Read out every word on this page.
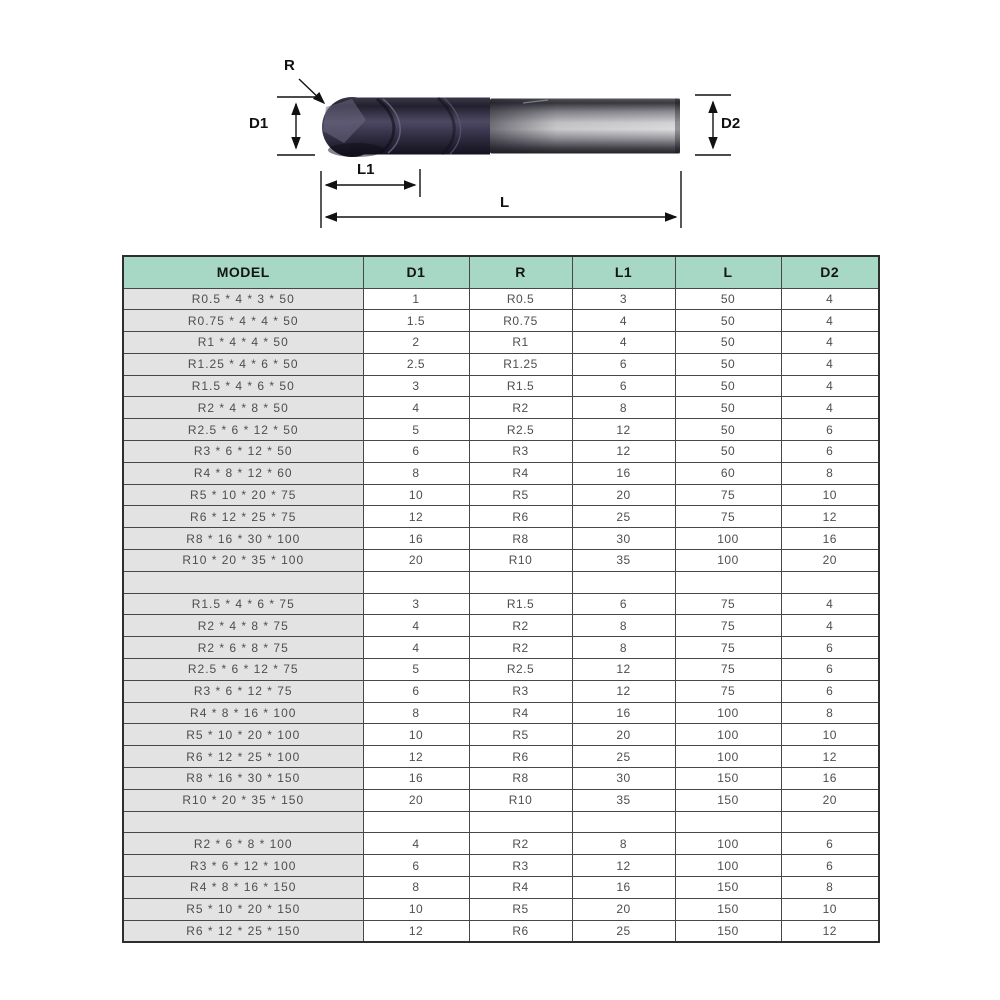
R
D1	D2
L1
L
MODEL	D1	R	L1	L	D2
R0.5 * 4 * 3 * 50	1	R0.5	3	50	4
R0.75 * 4 * 4 * 50	1.5	R0.75	4	50	4
R1 * 4 * 4 * 50	2	R1	4	50	4
R1.25 * 4 * 6 * 50	2.5	R1.25	6	50	4
R1.5 * 4 * 6 * 50	3	R1.5	6	50	4
R2 * 4 * 8 * 50	4	R2	8	50	4
R2.5 * 6 * 12 * 50	5	R2.5	12	50	6
R3 * 6 * 12 * 50	6	R3	12	50	6
R4 * 8 * 12 * 60	8	R4	16	60	8
R5 * 10 * 20 * 75	10	R5	20	75	10
R6 * 12 * 25 * 75	12	R6	25	75	12
R8 * 16 * 30 * 100	16	R8	30	100	16
R10 * 20 * 35 * 100	20	R10	35	100	20

R1.5 * 4 * 6 * 75	3	R1.5	6	75	4
R2 * 4 * 8 * 75	4	R2	8	75	4
R2 * 6 * 8 * 75	4	R2	8	75	6
R2.5 * 6 * 12 * 75	5	R2.5	12	75	6
R3 * 6 * 12 * 75	6	R3	12	75	6
R4 * 8 * 16 * 100	8	R4	16	100	8
R5 * 10 * 20 * 100	10	R5	20	100	10
R6 * 12 * 25 * 100	12	R6	25	100	12
R8 * 16 * 30 * 150	16	R8	30	150	16
R10 * 20 * 35 * 150	20	R10	35	150	20

R2 * 6 * 8 * 100	4	R2	8	100	6
R3 * 6 * 12 * 100	6	R3	12	100	6
R4 * 8 * 16 * 150	8	R4	16	150	8
R5 * 10 * 20 * 150	10	R5	20	150	10
R6 * 12 * 25 * 150	12	R6	25	150	12
